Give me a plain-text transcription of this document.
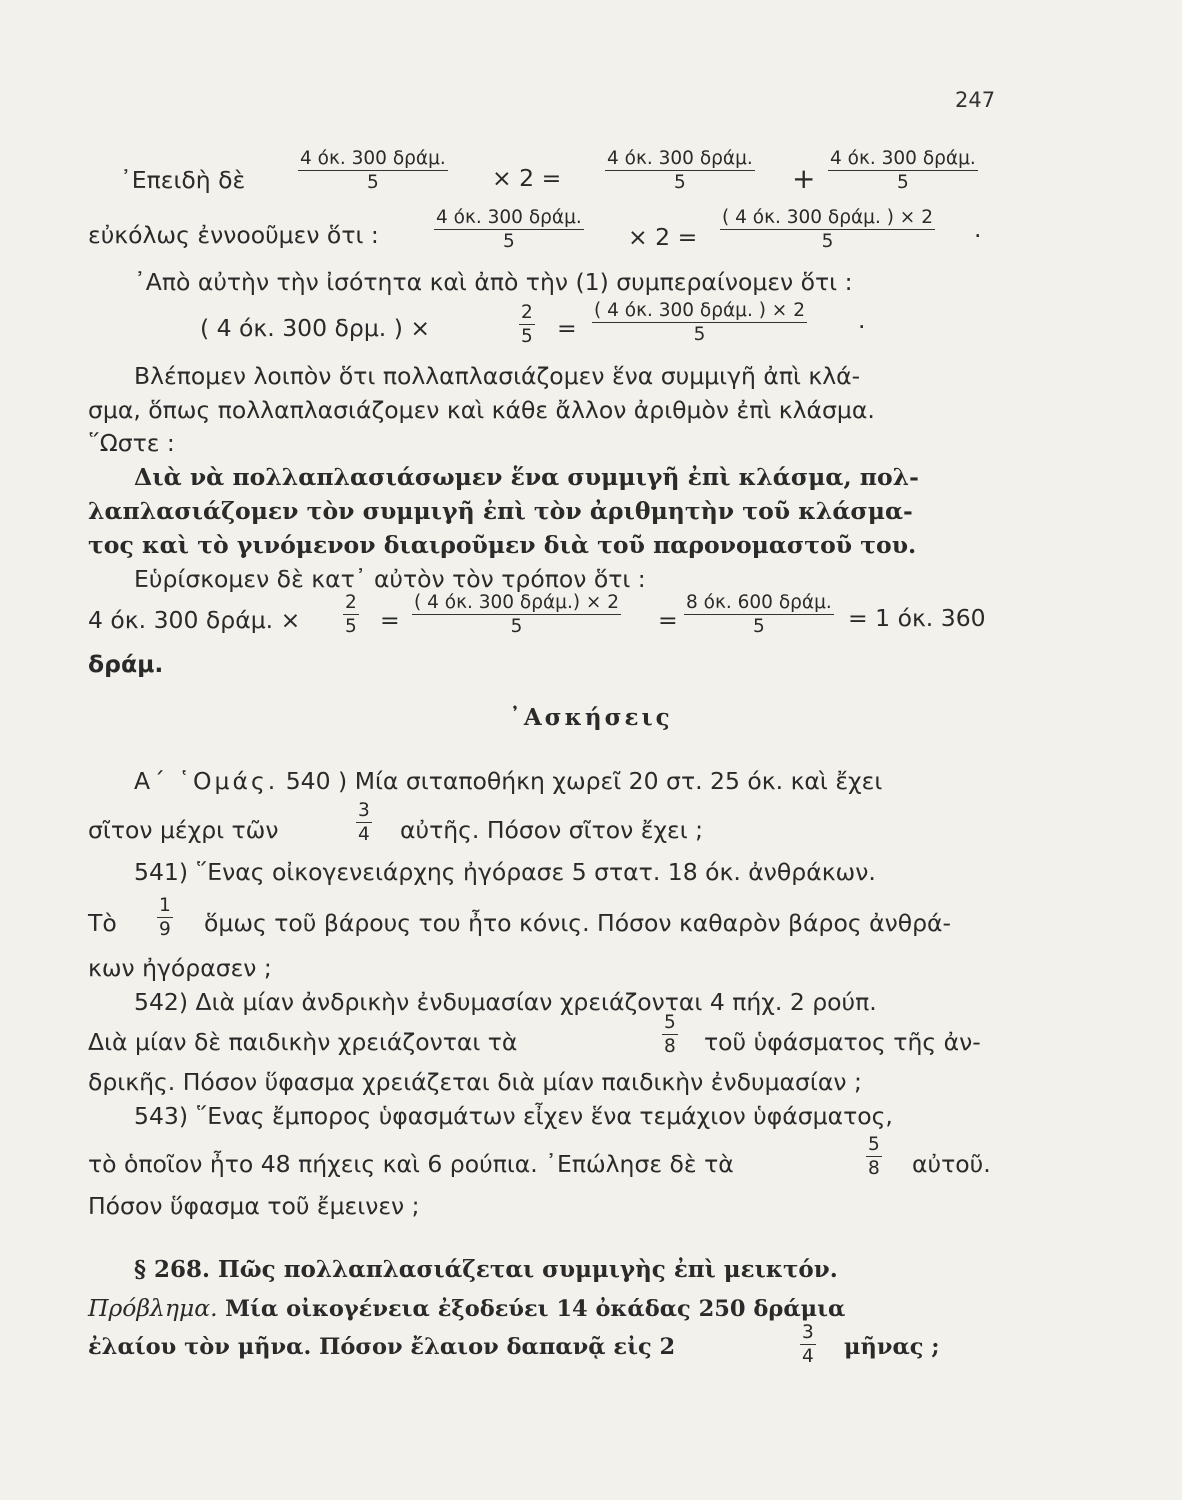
247
᾿Επειδὴ δὲ
4 όκ. 300 δράμ.
5	× 2 =
4 όκ. 300 δράμ.
5	+
4 όκ. 300 δράμ.
5
εὐκόλως ἐννοοῦμεν ὅτι :
4 όκ. 300 δράμ.
5	× 2 =
( 4 όκ. 300 δράμ. ) × 2
5	.
᾿Απὸ αὐτὴν τὴν ἰσότητα καὶ ἀπὸ τὴν (1) συμπεραίνομεν ὅτι :
( 4 όκ. 300 δρμ. ) ×	$\frac{2}{5}$ =
( 4 όκ. 300 δράμ. ) × 2
5
.
Βλέπομεν λοιπὸν ὅτι πολλαπλασιάζομεν ἕνα συμμιγῆ ἀπὶ κλά-
σμα, ὅπως πολλαπλασιάζομεν καὶ κάθε ἄλλον ἀριθμὸν ἐπὶ κλάσμα.
῞Ωστε :
Διὰ νὰ πολλαπλασιάσωμεν ἕνα συμμιγῆ ἐπὶ κλάσμα, πολ-
λαπλασιάζομεν τὸν συμμιγῆ ἐπὶ τὸν ἀριθμητὴν τοῦ κλάσμα-
τος καὶ τὸ γινόμενον διαιροῦμεν διὰ τοῦ παρονομαστοῦ του.
Εὑρίσκομεν δὲ κατ᾿ αὐτὸν τὸν τρόπον ὅτι :
4 όκ. 300 δράμ. × $\frac{2}{5}$ =
( 4 όκ. 300 δράμ.) × 2
5	=
8 όκ. 600 δράμ.
5	= 1 όκ. 360
δράμ.
᾿Ασκήσεις
Α΄ ῾Ομάς. 540 ) Μία σιταποθήκη χωρεῖ 20 στ. 25 όκ. καὶ ἔχει
σῖτον μέχρι τῶν	$\frac{3}{4}$ αὐτῆς. Πόσον σῖτον ἔχει ;
541) ῞Ενας οἰκογενειάρχης ἠγόρασε 5 στατ. 18 όκ. ἀνθράκων.
Τὸ $\frac{1}{9}$ ὅμως τοῦ βάρους του ἦτο κόνις. Πόσον καθαρὸν βάρος ἀνθρά-
κων ἠγόρασεν ;
542) Διὰ μίαν ἀνδρικὴν ἐνδυμασίαν χρειάζονται 4 πήχ. 2 ρούπ.
Διὰ μίαν δὲ παιδικὴν χρειάζονται τὰ	$\frac{5}{8}$ τοῦ ὑφάσματος τῆς ἀν-
δρικῆς. Πόσον ὕφασμα χρειάζεται διὰ μίαν παιδικὴν ἐνδυμασίαν ;
543) ῞Ενας ἔμπορος ὑφασμάτων εἶχεν ἕνα τεμάχιον ὑφάσματος,
τὸ ὁποῖον ἦτο 48 πήχεις καὶ 6 ρούπια. ᾿Επώλησε δὲ τὰ	$\frac{5}{8}$ αὐτοῦ.
Πόσον ὕφασμα τοῦ ἔμεινεν ;
§ 268. Πῶς πολλαπλασιάζεται συμμιγὴς ἐπὶ μεικτόν.
Πρόβλημα. Μία οἰκογένεια ἐξοδεύει 14 ὀκάδας 250 δράμια
ἐλαίου τὸν μῆνα. Πόσον ἔλαιον δαπανᾷ εἰς 2	$\frac{3}{4}$ μῆνας ;
